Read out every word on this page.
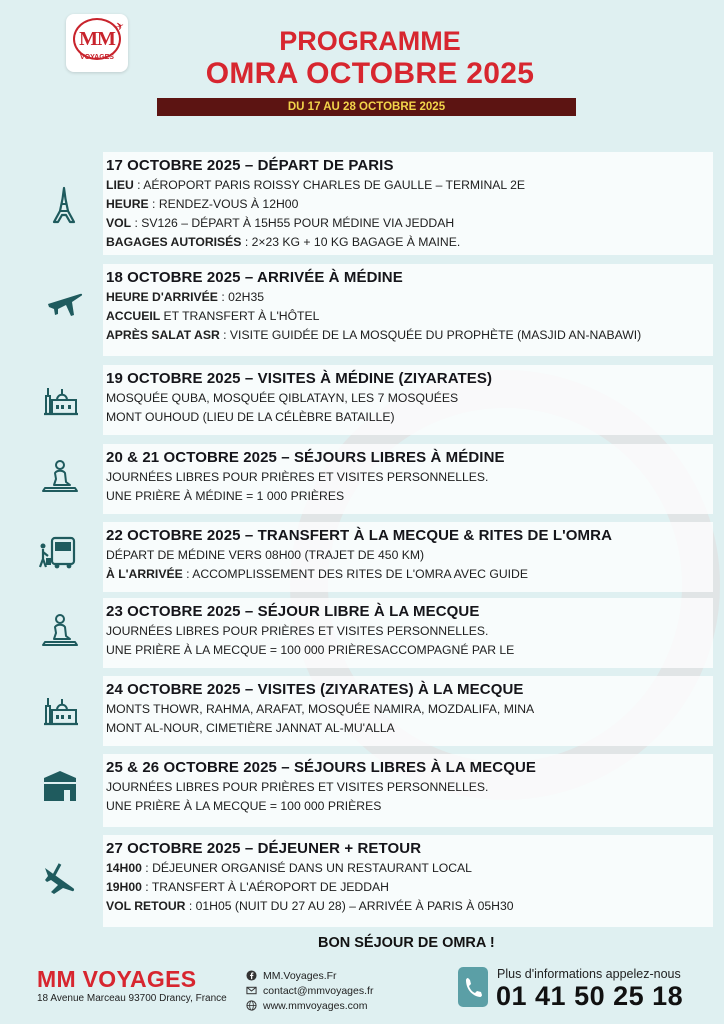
✈
MM
VOYAGES
PROGRAMME
OMRA OCTOBRE 2025
DU 17 AU 28 OCTOBRE 2025
BON SÉJOUR DE OMRA !
MM VOYAGES
18 Avenue Marceau 93700 Drancy, France
MM.Voyages.Fr
contact@mmvoyages.fr
www.mmvoyages.com
Plus d'informations appelez-nous
01 41 50 25 18
17 OCTOBRE 2025 – DÉPART DE PARIS
LIEU : AÉROPORT PARIS ROISSY CHARLES DE GAULLE – TERMINAL 2E
HEURE : RENDEZ-VOUS À 12H00
VOL : SV126 – DÉPART À 15H55 POUR MÉDINE VIA JEDDAH
BAGAGES AUTORISÉS : 2×23 KG + 10 KG BAGAGE À MAINE.
18 OCTOBRE 2025 – ARRIVÉE À MÉDINE
HEURE D'ARRIVÉE : 02H35
ACCUEIL ET TRANSFERT À L'HÔTEL
APRÈS SALAT ASR : VISITE GUIDÉE DE LA MOSQUÉE DU PROPHÈTE (MASJID AN-NABAWI)
19 OCTOBRE 2025 – VISITES À MÉDINE (ZIYARATES)
MOSQUÉE QUBA, MOSQUÉE QIBLATAYN, LES 7 MOSQUÉES
MONT OUHOUD (LIEU DE LA CÉLÈBRE BATAILLE)
20 & 21 OCTOBRE 2025 – SÉJOURS LIBRES À MÉDINE
JOURNÉES LIBRES POUR PRIÈRES ET VISITES PERSONNELLES.
UNE PRIÈRE À MÉDINE = 1 000 PRIÈRES
22 OCTOBRE 2025 – TRANSFERT À LA MECQUE & RITES DE L'OMRA
DÉPART DE MÉDINE VERS 08H00 (TRAJET DE 450 KM)
À L'ARRIVÉE : ACCOMPLISSEMENT DES RITES DE L'OMRA AVEC GUIDE
23 OCTOBRE 2025 – SÉJOUR LIBRE À LA MECQUE
JOURNÉES LIBRES POUR PRIÈRES ET VISITES PERSONNELLES.
UNE PRIÈRE À LA MECQUE = 100 000 PRIÈRESACCOMPAGNÉ PAR LE
24 OCTOBRE 2025 – VISITES (ZIYARATES) À LA MECQUE
MONTS THOWR, RAHMA, ARAFAT, MOSQUÉE NAMIRA, MOZDALIFA, MINA
MONT AL-NOUR, CIMETIÈRE JANNAT AL-MU'ALLA
25 & 26 OCTOBRE 2025 – SÉJOURS LIBRES À LA MECQUE
JOURNÉES LIBRES POUR PRIÈRES ET VISITES PERSONNELLES.
UNE PRIÈRE À LA MECQUE = 100 000 PRIÈRES
27 OCTOBRE 2025 – DÉJEUNER + RETOUR
14H00 : DÉJEUNER ORGANISÉ DANS UN RESTAURANT LOCAL
19H00 : TRANSFERT À L'AÉROPORT DE JEDDAH
VOL RETOUR : 01H05 (NUIT DU 27 AU 28) – ARRIVÉE À PARIS À 05H30
